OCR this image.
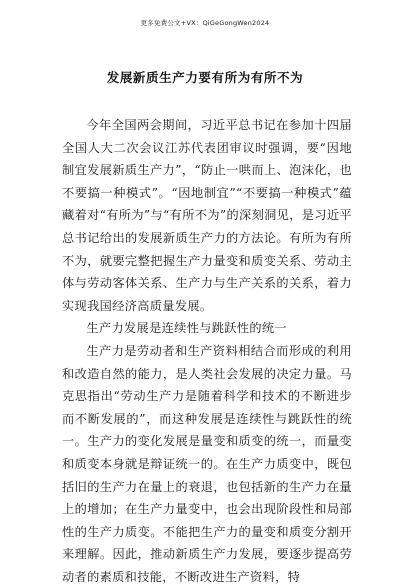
更多免费公文+VX：QiGeGongWen2024
发展新质生产力要有所为有所不为

今年全国两会期间，习近平总书记在参加十四届全国人大二次会议江苏代表团审议时强调，要“因地制宜发展新质生产力”，“防止一哄而上、泡沫化，也不要搞一种模式”。“因地制宜”“不要搞一种模式”蕴藏着对“有所为”与“有所不为”的深刻洞见，是习近平总书记给出的发展新质生产力的方法论。有所为有所不为，就要完整把握生产力量变和质变关系、劳动主体与劳动客体关系、生产力与生产关系的关系，着力实现我国经济高质量发展。

生产力发展是连续性与跳跃性的统一

生产力是劳动者和生产资料相结合而形成的利用和改造自然的能力，是人类社会发展的决定力量。马克思指出“劳动生产力是随着科学和技术的不断进步而不断发展的”，而这种发展是连续性与跳跃性的统一。生产力的变化发展是量变和质变的统一，而量变和质变本身就是辩证统一的。在生产力质变中，既包括旧的生产力在量上的衰退，也包括新的生产力在量上的增加；在生产力量变中，也会出现阶段性和局部性的生产力质变。不能把生产力的量变和质变分割开来理解。因此，推动新质生产力发展，要逐步提高劳动者的素质和技能，不断改进生产资料，特
